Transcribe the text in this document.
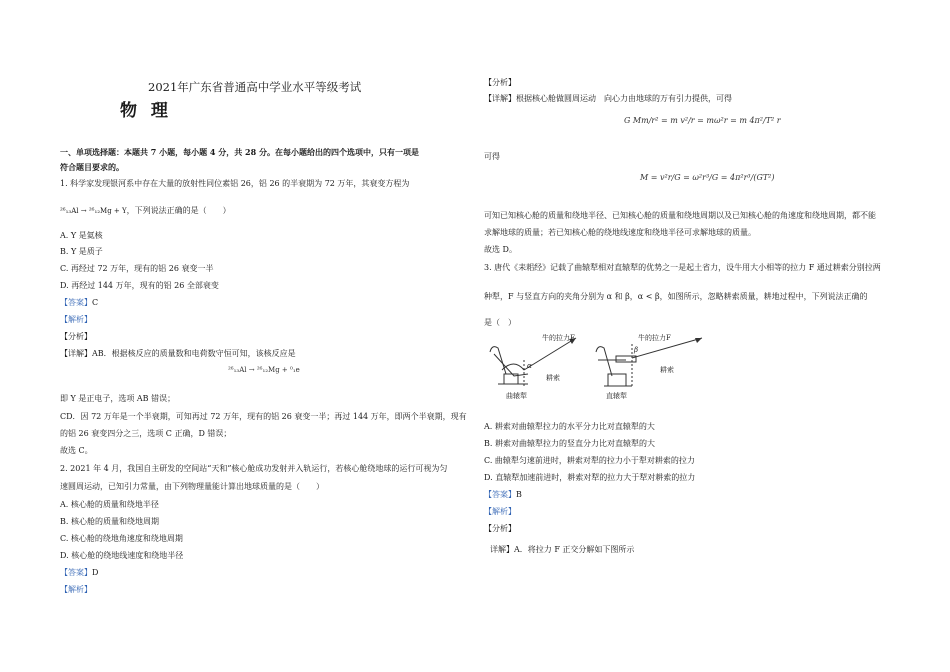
2021年广东省普通高中学业水平等级考试
物 理
一、单项选择题：本题共 7 小题，每小题 4 分，共 28 分。在每小题给出的四个选项中，只有一项是
符合题目要求的。
1. 科学家发现银河系中存在大量的放射性同位素铝 26，铝 26 的半衰期为 72 万年，其衰变方程为
²⁶₁₃Al → ²⁶₁₂Mg + Y，下列说法正确的是（　　）
A. Y 是氦核
B. Y 是质子
C. 再经过 72 万年，现有的铝 26 衰变一半
D. 再经过 144 万年，现有的铝 26 全部衰变
【答案】C
【解析】
【分析】
【详解】AB．根据核反应的质量数和电荷数守恒可知，该核反应是
²⁶₁₃Al → ²⁶₁₂Mg + ⁰₁e
即 Y 是正电子，选项 AB 错误；
CD．因 72 万年是一个半衰期，可知再过 72 万年，现有的铝 26 衰变一半；再过 144 万年，即两个半衰期，现有
的铝 26 衰变四分之三，选项 C 正确，D 错误；
故选 C。
2. 2021 年 4 月，我国自主研发的空间站“天和”核心舱成功发射并入轨运行，若核心舱绕地球的运行可视为匀
速圆周运动，已知引力常量，由下列物理量能计算出地球质量的是（　　）
A. 核心舱的质量和绕地半径
B. 核心舱的质量和绕地周期
C. 核心舱的绕地角速度和绕地周期
D. 核心舱的绕地线速度和绕地半径
【答案】D
【解析】
【分析】
【详解】根据核心舱做圆周运动　向心力由地球的万有引力提供，可得
G Mm/r² = m v²/r = mω²r = m 4π²/T² r
可得
M = v²r/G = ω²r³/G = 4π²r³/(GT²)
可知已知核心舱的质量和绕地半径、已知核心舱的质量和绕地周期以及已知核心舱的角速度和绕地周期，都不能
求解地球的质量；若已知核心舱的绕地线速度和绕地半径可求解地球的质量。
故选 D。
3. 唐代《耒耜经》记载了曲辕犁相对直辕犁的优势之一是起土省力，设牛用大小相等的拉力 F 通过耕索分别拉两
种犁，F 与竖直方向的夹角分别为 α 和 β，α < β，如图所示，忽略耕索质量，耕地过程中，下列说法正确的
是（　）
牛的拉力F
α
耕索
曲辕犁
牛的拉力F
β
耕索
直辕犁
A. 耕索对曲辕犁拉力的水平分力比对直辕犁的大
B. 耕索对曲辕犁拉力的竖直分力比对直辕犁的大
C. 曲辕犁匀速前进时，耕索对犁的拉力小于犁对耕索的拉力
D. 直辕犁加速前进时，耕索对犁的拉力大于犁对耕索的拉力
【答案】B
【解析】
【分析】
详解】A．将拉力 F 正交分解如下图所示
